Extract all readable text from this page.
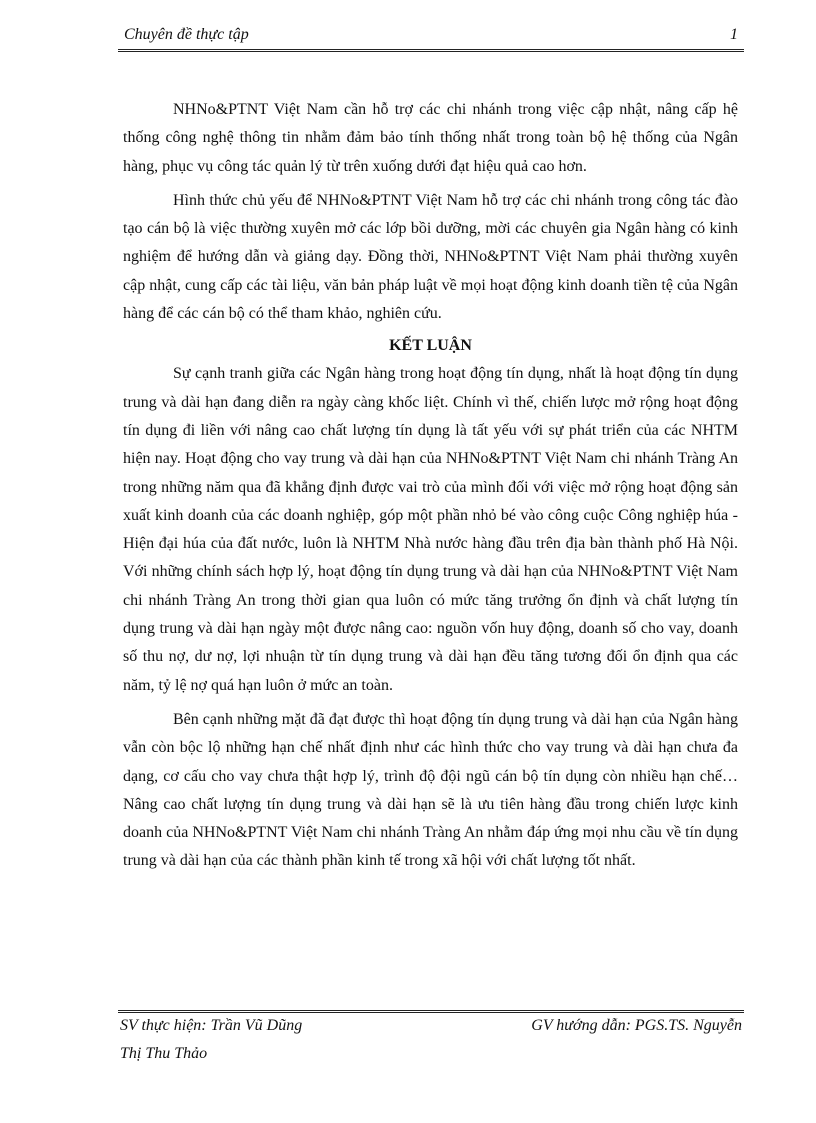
Chuyên đề thực tập	1

NHNo&PTNT Việt Nam cần hỗ trợ các chi nhánh trong việc cập nhật, nâng cấp hệ thống công nghệ thông tin nhằm đảm bảo tính thống nhất trong toàn bộ hệ thống của Ngân hàng, phục vụ công tác quản lý từ trên xuống dưới đạt hiệu quả cao hơn.

Hình thức chủ yếu để NHNo&PTNT Việt Nam hỗ trợ các chi nhánh trong công tác đào tạo cán bộ là việc thường xuyên mở các lớp bồi dưỡng, mời các chuyên gia Ngân hàng có kinh nghiệm để hướng dẫn và giảng dạy. Đồng thời, NHNo&PTNT Việt Nam phải thường xuyên cập nhật, cung cấp các tài liệu, văn bản pháp luật về mọi hoạt động kinh doanh tiền tệ của Ngân hàng để các cán bộ có thể tham khảo, nghiên cứu.

KẾT LUẬN

Sự cạnh tranh giữa các Ngân hàng trong hoạt động tín dụng, nhất là hoạt động tín dụng trung và dài hạn đang diễn ra ngày càng khốc liệt. Chính vì thế, chiến lược mở rộng hoạt động tín dụng đi liền với nâng cao chất lượng tín dụng là tất yếu với sự phát triển của các NHTM hiện nay. Hoạt động cho vay trung và dài hạn của NHNo&PTNT Việt Nam chi nhánh Tràng An trong những năm qua đã khẳng định được vai trò của mình đối với việc mở rộng hoạt động sản xuất kinh doanh của các doanh nghiệp, góp một phần nhỏ bé vào công cuộc Công nghiệp húa - Hiện đại húa của đất nước, luôn là NHTM Nhà nước hàng đầu trên địa bàn thành phố Hà Nội. Với những chính sách hợp lý, hoạt động tín dụng trung và dài hạn của NHNo&PTNT Việt Nam chi nhánh Tràng An trong thời gian qua luôn có mức tăng trưởng ổn định và chất lượng tín dụng trung và dài hạn ngày một được nâng cao: nguồn vốn huy động, doanh số cho vay, doanh số thu nợ, dư nợ, lợi nhuận từ tín dụng trung và dài hạn đều tăng tương đối ổn định qua các năm, tỷ lệ nợ quá hạn luôn ở mức an toàn.

Bên cạnh những mặt đã đạt được thì hoạt động tín dụng trung và dài hạn của Ngân hàng vẫn còn bộc lộ những hạn chế nhất định như các hình thức cho vay trung và dài hạn chưa đa dạng, cơ cấu cho vay chưa thật hợp lý, trình độ đội ngũ cán bộ tín dụng còn nhiều hạn chế… Nâng cao chất lượng tín dụng trung và dài hạn sẽ là ưu tiên hàng đầu trong chiến lược kinh doanh của NHNo&PTNT Việt Nam chi nhánh Tràng An nhằm đáp ứng mọi nhu cầu về tín dụng trung và dài hạn của các thành phần kinh tế trong xã hội với chất lượng tốt nhất.

SV thực hiện: Trần Vũ Dũng	GV hướng dẫn: PGS.TS. Nguyễn
Thị Thu Thảo
